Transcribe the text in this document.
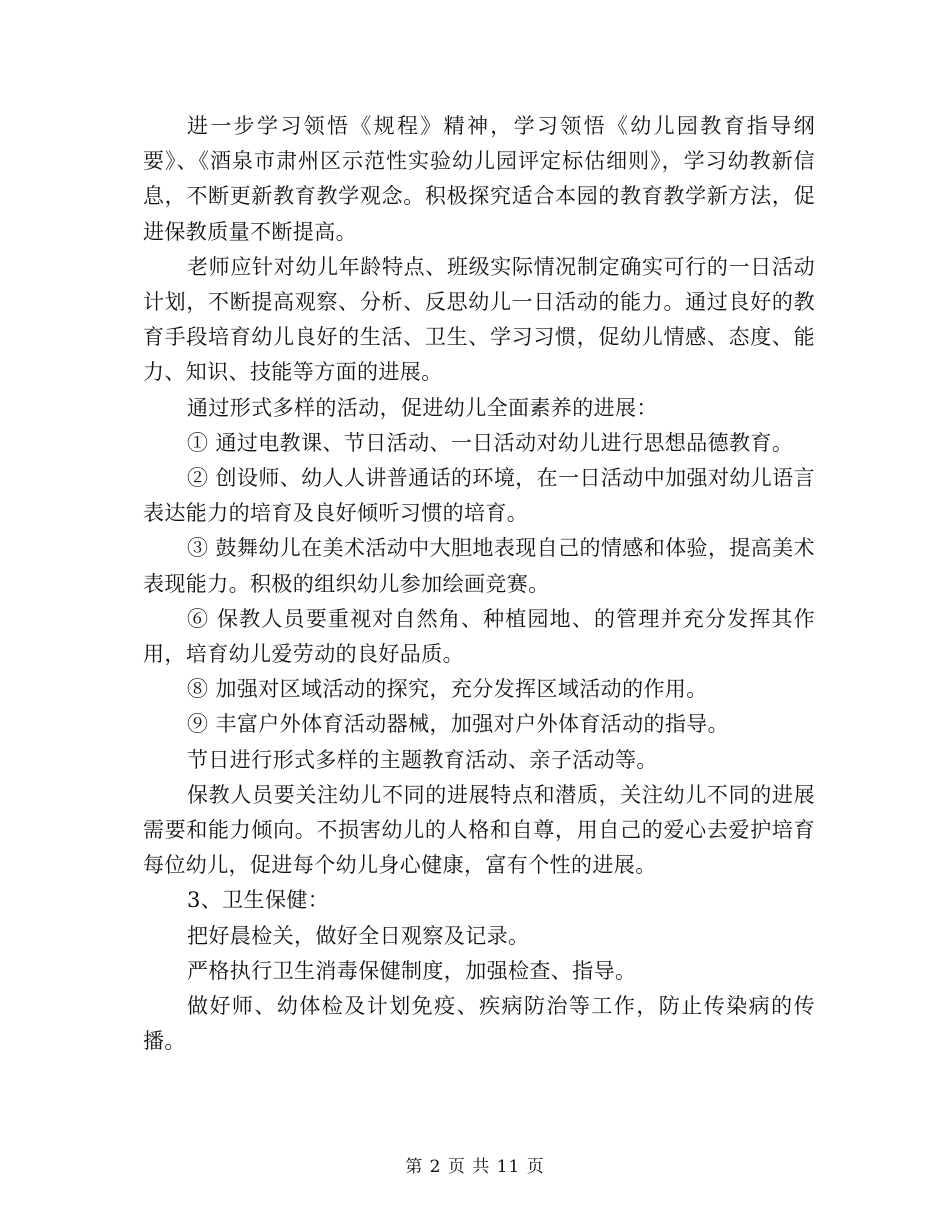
进一步学习领悟《规程》精神，学习领悟《幼儿园教育指导纲要》、《酒泉市肃州区示范性实验幼儿园评定标估细则》，学习幼教新信息，不断更新教育教学观念。积极探究适合本园的教育教学新方法，促进保教质量不断提高。

老师应针对幼儿年龄特点、班级实际情况制定确实可行的一日活动计划，不断提高观察、分析、反思幼儿一日活动的能力。通过良好的教育手段培育幼儿良好的生活、卫生、学习习惯，促幼儿情感、态度、能力、知识、技能等方面的进展。

通过形式多样的活动，促进幼儿全面素养的进展：

① 通过电教课、节日活动、一日活动对幼儿进行思想品德教育。

② 创设师、幼人人讲普通话的环境，在一日活动中加强对幼儿语言表达能力的培育及良好倾听习惯的培育。

③ 鼓舞幼儿在美术活动中大胆地表现自己的情感和体验，提高美术表现能力。积极的组织幼儿参加绘画竞赛。

⑥ 保教人员要重视对自然角、种植园地、的管理并充分发挥其作用，培育幼儿爱劳动的良好品质。

⑧ 加强对区域活动的探究，充分发挥区域活动的作用。

⑨ 丰富户外体育活动器械，加强对户外体育活动的指导。

节日进行形式多样的主题教育活动、亲子活动等。

保教人员要关注幼儿不同的进展特点和潜质，关注幼儿不同的进展需要和能力倾向。不损害幼儿的人格和自尊，用自己的爱心去爱护培育每位幼儿，促进每个幼儿身心健康，富有个性的进展。

3、卫生保健：

把好晨检关，做好全日观察及记录。

严格执行卫生消毒保健制度，加强检查、指导。

做好师、幼体检及计划免疫、疾病防治等工作，防止传染病的传播。

第 2 页 共 11 页
